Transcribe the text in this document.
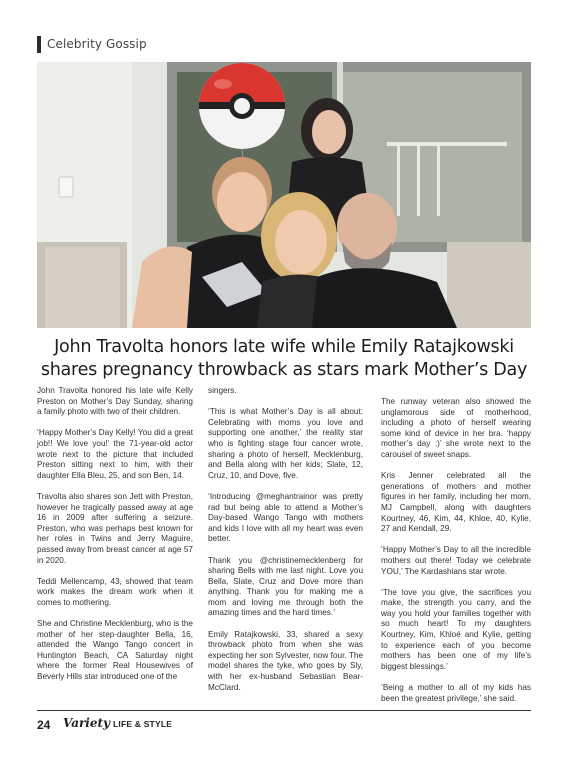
Celebrity Gossip
John Travolta honors late wife while Emily Ratajkowski shares pregnancy throwback as stars mark Mother’s Day

John Travolta honored his late wife Kelly Preston on Mother’s Day Sunday, sharing a family photo with two of their children.

‘Happy Mother’s Day Kelly! You did a great job!! We love you!’ the 71-year-old actor wrote next to the picture that included Preston sitting next to him, with their daughter Ella Bleu, 25, and son Ben, 14.

Travolta also shares son Jett with Preston, however he tragically passed away at age 16 in 2009 after suffering a seizure. Preston, who was perhaps best known for her roles in Twins and Jerry Maguire, passed away from breast cancer at age 57 in 2020.

Teddi Mellencamp, 43, showed that team work makes the dream work when it comes to mothering.

She and Christine Mecklenburg, who is the mother of her step-daughter Bella, 16, attended the Wango Tango concert in Huntington Beach, CA Saturday night where the former Real Housewives of Beverly Hills star introduced one of the

singers.

‘This is what Mother’s Day is all about: Celebrating with moms you love and supporting one another,’ the reality star who is fighting stage four cancer wrote, sharing a photo of herself, Mecklenburg, and Bella along with her kids; Slate, 12, Cruz, 10, and Dove, five.

‘Introducing @meghantrainor was pretty rad but being able to attend a Mother’s Day-based Wango Tango with mothers and kids I love with all my heart was even better.

Thank you @christinemecklenberg for sharing Bells with me last night. Love you Bella, Slate, Cruz and Dove more than anything. Thank you for making me a mom and loving me through both the amazing times and the hard times.’

Emily Ratajkowski, 33, shared a sexy throwback photo from when she was expecting her son Sylvester, now four. The model shares the tyke, who goes by Sly, with her ex-husband Sebastian Bear-McClard.

The runway veteran also showed the unglamorous side of motherhood, including a photo of herself wearing some kind of device in her bra. ‘happy mother’s day :)’ she wrote next to the carousel of sweet snaps.

Kris Jenner celebrated all the generations of mothers and mother figures in her family, including her mom, MJ Campbell, along with daughters Kourtney, 46, Kim, 44, Khloe, 40, Kylie, 27 and Kendall, 29.

‘Happy Mother’s Day to all the incredible mothers out there! Today we celebrate YOU,’ The Kardashians star wrote.

‘The love you give, the sacrifices you make, the strength you carry, and the way you hold your families together with so much heart! To my daughters Kourtney, Kim, Khloé and Kylie, getting to experience each of you become mothers has been one of my life’s biggest blessings.’

‘Being a mother to all of my kids has been the greatest privilege,’ she said.

24 Variety LIFE & STYLE
